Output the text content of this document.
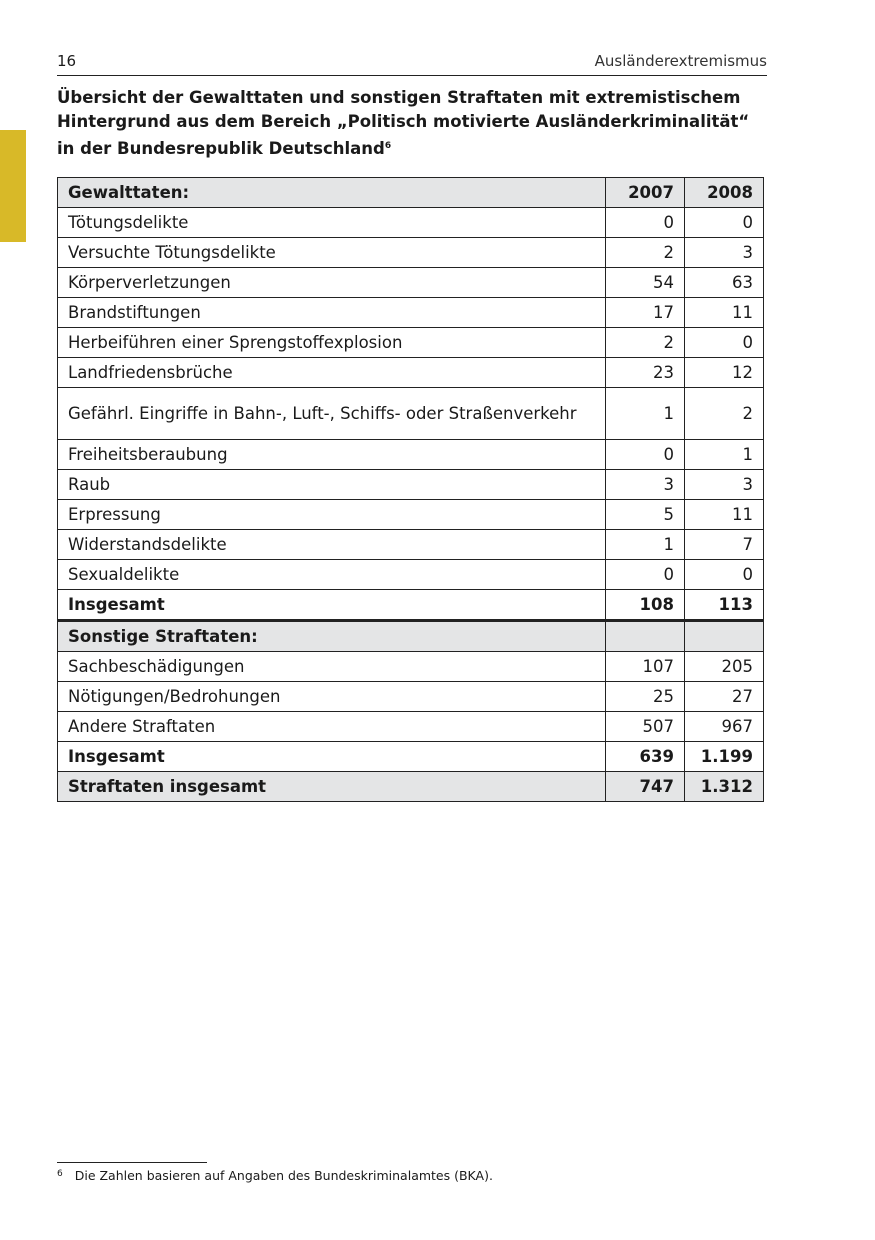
16	Ausländerextremismus
Übersicht der Gewalttaten und sonstigen Straftaten mit extremistischem Hintergrund aus dem Bereich „Politisch motivierte Ausländerkriminalität“ in der Bundesrepublik Deutschland$^6$
Gewalttaten:	2007	2008
Tötungsdelikte	0	0
Versuchte Tötungsdelikte	2	3
Körperverletzungen	54	63
Brandstiftungen	17	11
Herbeiführen einer Sprengstoffexplosion	2	0
Landfriedensbrüche	23	12
Gefährl. Eingriffe in Bahn-, Luft-, Schiffs- oder Straßenverkehr	1	2
Freiheitsberaubung	0	1
Raub	3	3
Erpressung	5	11
Widerstandsdelikte	1	7
Sexualdelikte	0	0
Insgesamt	108	113
Sonstige Straftaten:		
Sachbeschädigungen	107	205
Nötigungen/Bedrohungen	25	27
Andere Straftaten	507	967
Insgesamt	639	1.199
Straftaten insgesamt	747	1.312
$^6$ Die Zahlen basieren auf Angaben des Bundeskriminalamtes (BKA).
